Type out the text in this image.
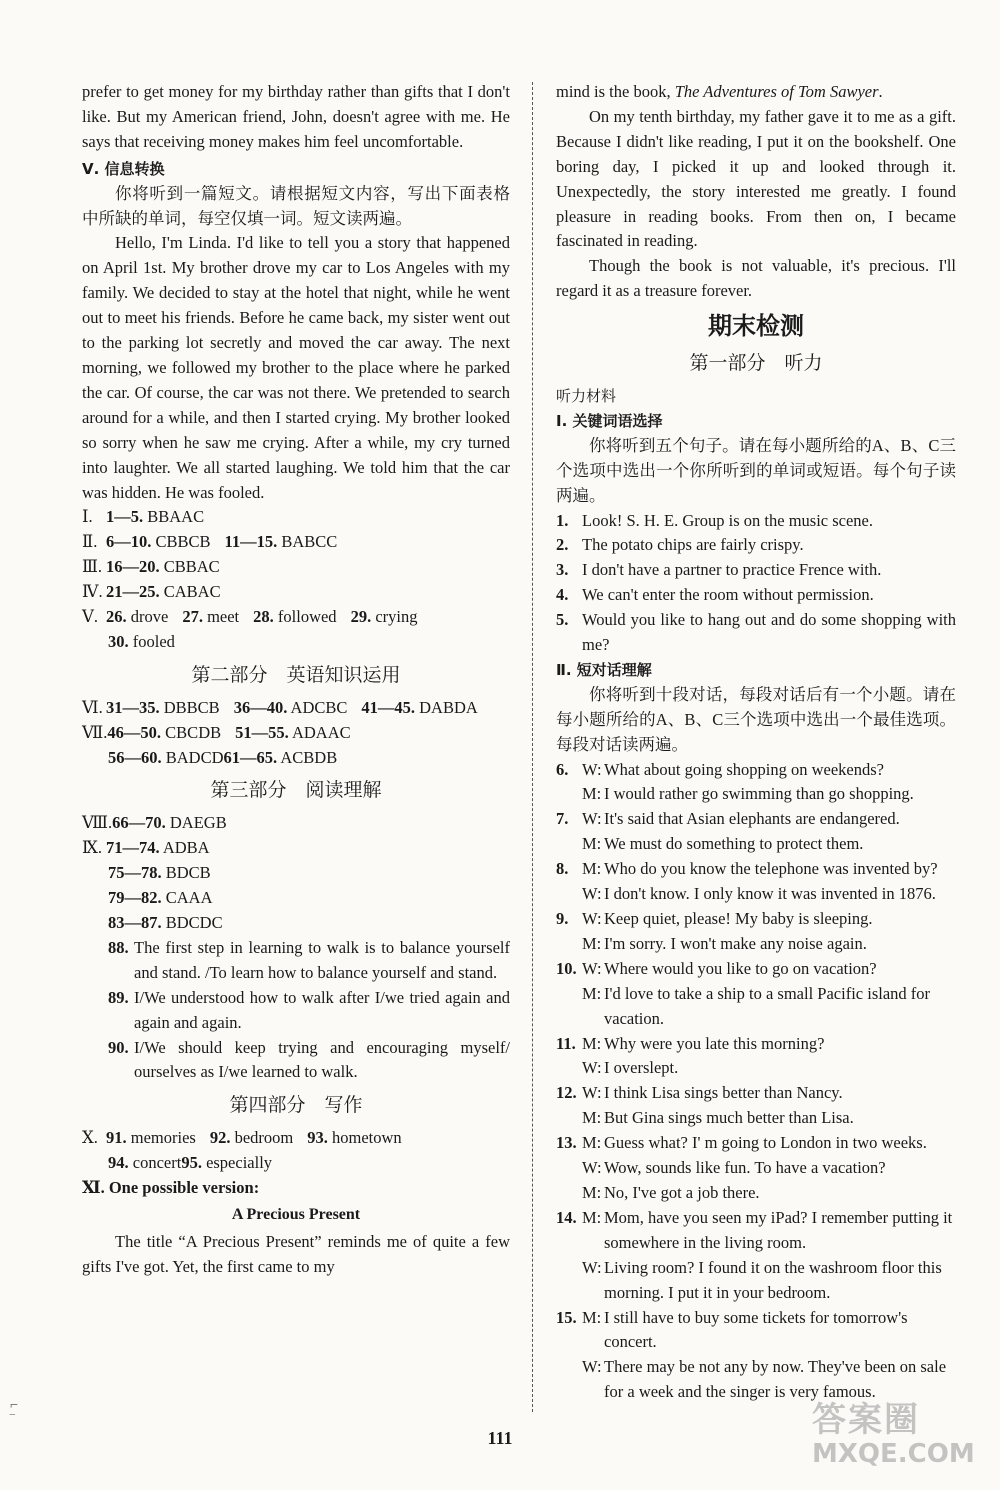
prefer to get money for my birthday rather than gifts that I don't like. But my American friend, John, doesn't agree with me. He says that receiving money makes him feel uncomfortable.

Ⅴ. 信息转换

你将听到一篇短文。请根据短文内容，写出下面表格中所缺的单词，每空仅填一词。短文读两遍。

Hello, I'm Linda. I'd like to tell you a story that happened on April 1st. My brother drove my car to Los Angeles with my family. We decided to stay at the hotel that night, while he went out to meet his friends. Before he came back, my sister went out to the parking lot secretly and moved the car away. The next morning, we followed my brother to the place where he parked the car. Of course, the car was not there. We pretended to search around for a while, and then I started crying. My brother looked so sorry when he saw me crying. After a while, my cry turned into laughter. We all started laughing. We told him that the car was hidden. He was fooled.

Ⅰ. 1—5. BBAAC

Ⅱ. 6—10. CBBCB 11—15. BABCC

Ⅲ. 16—20. CBBAC

Ⅳ. 21—25. CABAC

Ⅴ. 26. drove 27. meet 28. followed 29. crying

30. fooled

第二部分　英语知识运用

Ⅵ. 31—35. DBBCB 36—40. ADCBC 41—45. DABDA

Ⅶ.46—50. CBCDB 51—55. ADAAC

56—60. BADCD61—65. ACBDB

第三部分　阅读理解

Ⅷ.66—70. DAEGB

Ⅸ. 71—74. ADBA

75—78. BDCB

79—82. CAAA

83—87. BDCDC

88. The first step in learning to walk is to balance yourself and stand. /To learn how to balance yourself and stand.
89. I/We understood how to walk after I/we tried again and again and again.
90. I/We should keep trying and encouraging myself/ ourselves as I/we learned to walk.

第四部分　写作

Ⅹ. 91. memories 92. bedroom 93. hometown

94. concert95. especially

Ⅺ. One possible version:

A Precious Present

The title “A Precious Present” reminds me of quite a few gifts I've got. Yet, the first came to my

mind is the book, The Adventures of Tom Sawyer.

On my tenth birthday, my father gave it to me as a gift. Because I didn't like reading, I put it on the bookshelf. One boring day, I picked it up and looked through it. Unexpectedly, the story interested me greatly. I found pleasure in reading books. From then on, I became fascinated in reading.

Though the book is not valuable, it's precious. I'll regard it as a treasure forever.

期末检测

第一部分　听力

听力材料

Ⅰ. 关键词语选择

你将听到五个句子。请在每小题所给的A、B、C三个选项中选出一个你所听到的单词或短语。每个句子读两遍。

1. Look! S. H. E. Group is on the music scene.
2. The potato chips are fairly crispy.
3. I don't have a partner to practice Frence with.
4. We can't enter the room without permission.
5. Would you like to hang out and do some shopping with me?

Ⅱ. 短对话理解

你将听到十段对话，每段对话后有一个小题。请在每小题所给的A、B、C三个选项中选出一个最佳选项。每段对话读两遍。

6. W: What about going shopping on weekends?
M: I would rather go swimming than go shopping.
7. W: It's said that Asian elephants are endangered.
M: We must do something to protect them.
8. M: Who do you know the telephone was invented by?
W: I don't know. I only know it was invented in 1876.
9. W: Keep quiet, please! My baby is sleeping.
M: I'm sorry. I won't make any noise again.
10. W: Where would you like to go on vacation?
M: I'd love to take a ship to a small Pacific island for vacation.
11. M: Why were you late this morning?
W: I overslept.
12. W: I think Lisa sings better than Nancy.
M: But Gina sings much better than Lisa.
13. M: Guess what? I' m going to London in two weeks.
W: Wow, sounds like fun. To have a vacation?
M: No, I've got a job there.
14. M: Mom, have you seen my iPad? I remember putting it somewhere in the living room.
W: Living room? I found it on the washroom floor this morning. I put it in your bedroom.
15. M: I still have to buy some tickets for tomorrow's concert.
W: There may be not any by now. They've been on sale for a week and the singer is very famous.
111
⌐
‾	答案圈
MXQE.COM
